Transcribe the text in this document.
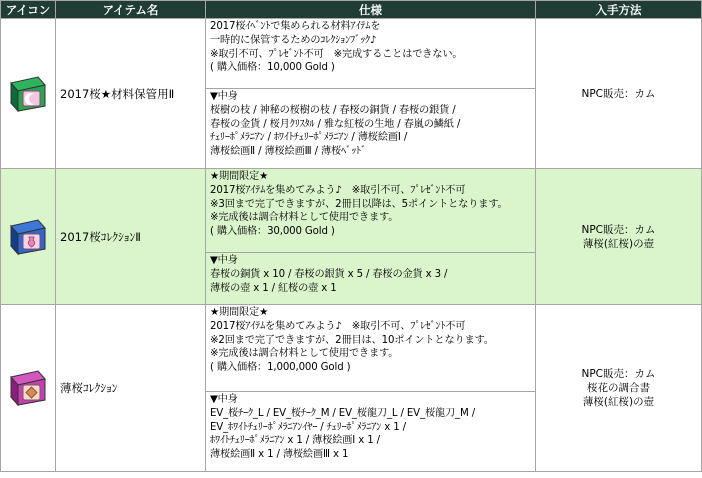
アイコン	アイテム名	仕様	入手方法
	2017桜★材料保管用Ⅱ	2017桜ｲﾍﾞﾝﾄで集められる材料ｱｲﾃﾑを
一時的に保管するためのｺﾚｸｼｮﾝﾌﾞｯｸ♪
※取引不可、ﾌﾟﾚｾﾞﾝﾄ不可　※完成することはできない。
( 購入価格：10,000 Gold )	NPC販売：カム

		▼中身
桜樹の枝 / 神秘の桜樹の枝 / 春桜の銅貨 / 春桜の銀貨 /
春桜の金貨 / 桜月ｸﾘｽﾀﾙ / 雅な紅桜の生地 / 春嵐の鱗紙 /
ﾁｪﾘｰﾎﾟﾒﾗﾆｱﾝ / ﾎﾜｲﾄﾁｪﾘｰﾎﾟﾒﾗﾆｱﾝ / 薄桜絵画Ⅰ /
薄桜絵画Ⅱ / 薄桜絵画Ⅲ / 薄桜ﾍﾞｯﾄﾞ	

	2017桜ｺﾚｸｼｮﾝⅡ	★期間限定★
2017桜ｱｲﾃﾑを集めてみよう♪　※取引不可、ﾌﾟﾚｾﾞﾝﾄ不可
※3回まで完了できますが、2冊目以降は、5ポイントとなります。
※完成後は調合材料として使用できます。
( 購入価格：30,000 Gold )	NPC販売：カム
薄桜(紅桜)の壺

		▼中身
春桜の銅貨 x 10 / 春桜の銀貨 x 5 / 春桜の金貨 x 3 /
薄桜の壺 x 1 / 紅桜の壺 x 1	

	薄桜ｺﾚｸｼｮﾝ	★期間限定★
2017桜ｱｲﾃﾑを集めてみよう♪　※取引不可、ﾌﾟﾚｾﾞﾝﾄ不可
※2回まで完了できますが、2冊目は、10ポイントとなります。
※完成後は調合材料として使用できます。
( 購入価格：1,000,000 Gold )	NPC販売：カム
桜花の調合書
薄桜(紅桜)の壺

		▼中身
EV_桜ﾁｰｸ_L / EV_桜ﾁｰｸ_M / EV_桜龍刀_L / EV_桜龍刀_M /
EV_ﾎﾜｲﾄﾁｪﾘｰﾎﾟﾒﾗﾆｱﾝｲﾔｰ / ﾁｪﾘｰﾎﾟﾒﾗﾆｱﾝ x 1 /
ﾎﾜｲﾄﾁｪﾘｰﾎﾟﾒﾗﾆｱﾝ x 1 / 薄桜絵画Ⅰ x 1 /
薄桜絵画Ⅱ x 1 / 薄桜絵画Ⅲ x 1	
